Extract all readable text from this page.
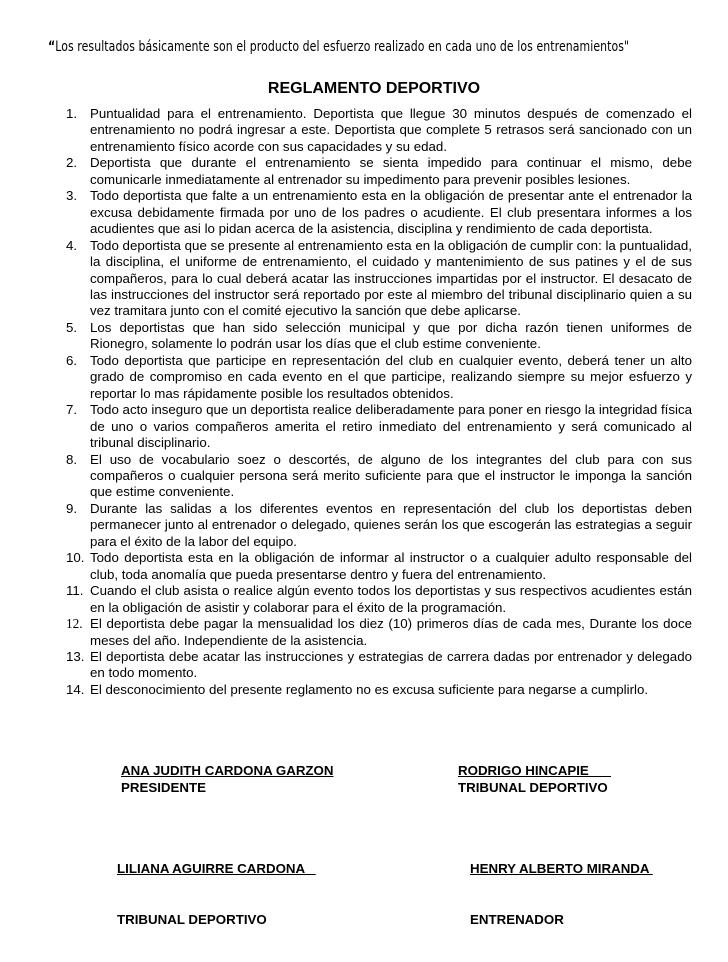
“Los resultados básicamente son el producto del esfuerzo realizado en cada uno de los entrenamientos"
REGLAMENTO DEPORTIVO
1. Puntualidad para el entrenamiento. Deportista que llegue 30 minutos después de comenzado el entrenamiento no podrá ingresar a este. Deportista que complete 5 retrasos será sancionado con un entrenamiento físico acorde con sus capacidades y su edad.
2. Deportista que durante el entrenamiento se sienta impedido para continuar el mismo, debe comunicarle inmediatamente al entrenador su impedimento para prevenir posibles lesiones.
3. Todo deportista que falte a un entrenamiento esta en la obligación de presentar ante el entrenador la excusa debidamente firmada por uno de los padres o acudiente. El club presentara informes a los acudientes que asi lo pidan acerca de la asistencia, disciplina y rendimiento de cada deportista.
4. Todo deportista que se presente al entrenamiento esta en la obligación de cumplir con: la puntualidad, la disciplina, el uniforme de entrenamiento, el cuidado y mantenimiento de sus patines y el de sus compañeros, para lo cual deberá acatar las instrucciones impartidas por el instructor. El desacato de las instrucciones del instructor será reportado por este al miembro del tribunal disciplinario quien a su vez tramitara junto con el comité ejecutivo la sanción que debe aplicarse.
5. Los deportistas que han sido selección municipal y que por dicha razón tienen uniformes de Rionegro, solamente lo podrán usar los días que el club estime conveniente.
6. Todo deportista que participe en representación del club en cualquier evento, deberá tener un alto grado de compromiso en cada evento en el que participe, realizando siempre su mejor esfuerzo y reportar lo mas rápidamente posible los resultados obtenidos.
7. Todo acto inseguro que un deportista realice deliberadamente para poner en riesgo la integridad física de uno o varios compañeros amerita el retiro inmediato del entrenamiento y será comunicado al tribunal disciplinario.
8. El uso de vocabulario soez o descortés, de alguno de los integrantes del club para con sus compañeros o cualquier persona será merito suficiente para que el instructor le imponga la sanción que estime conveniente.
9. Durante las salidas a los diferentes eventos en representación del club los deportistas deben permanecer junto al entrenador o delegado, quienes serán los que escogerán las estrategias a seguir para el éxito de la labor del equipo.
10. Todo deportista esta en la obligación de informar al instructor o a cualquier adulto responsable del club, toda anomalía que pueda presentarse dentro y fuera del entrenamiento.
11. Cuando el club asista o realice algún evento todos los deportistas y sus respectivos acudientes están en la obligación de asistir y colaborar para el éxito de la programación.
12. El deportista debe pagar la mensualidad los diez (10) primeros días de cada mes, Durante los doce meses del año. Independiente de la asistencia.
13. El deportista debe acatar las instrucciones y estrategias de carrera dadas por entrenador y delegado en todo momento.
14. El desconocimiento del presente reglamento no es excusa suficiente para negarse a cumplirlo.
ANA JUDITH CARDONA GARZON
PRESIDENTE
RODRIGO HINCAPIE___
TRIBUNAL DEPORTIVO

LILIANA AGUIRRE CARDONA

TRIBUNAL DEPORTIVO

HENRY ALBERTO MIRANDA

ENTRENADOR
